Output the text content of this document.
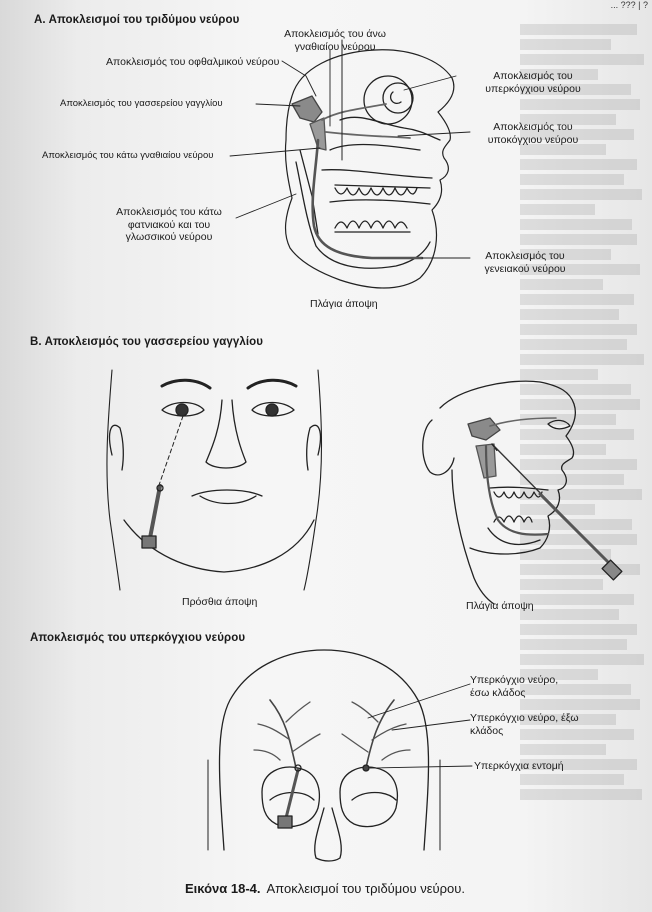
Α. Αποκλεισμοί του τριδύμου νεύρου
Αποκλεισμός του άνω γναθιαίου νεύρου
Αποκλεισμός του οφθαλμικού νεύρου
Αποκλεισμός του γασσερείου γαγγλίου
Αποκλεισμός του κάτω γναθιαίου νεύρου
Αποκλεισμός του κάτω φατνιακού και του γλωσσικού νεύρου
Αποκλεισμός του υπερκόγχιου νεύρου
Αποκλεισμός του υποκόγχιου νεύρου
Αποκλεισμός του γενειακού νεύρου
Πλάγια άποψη
Β. Αποκλεισμός του γασσερείου γαγγλίου
Πρόσθια άποψη	Πλάγια άποψη
Αποκλεισμός του υπερκόγχιου νεύρου
Υπερκόγχιο νεύρο, έσω κλάδος
Υπερκόγχιο νεύρο, έξω κλάδος
Υπερκόγχια εντομή
Εικόνα 18-4. Αποκλεισμοί του τριδύμου νεύρου.
... ??? | ?
